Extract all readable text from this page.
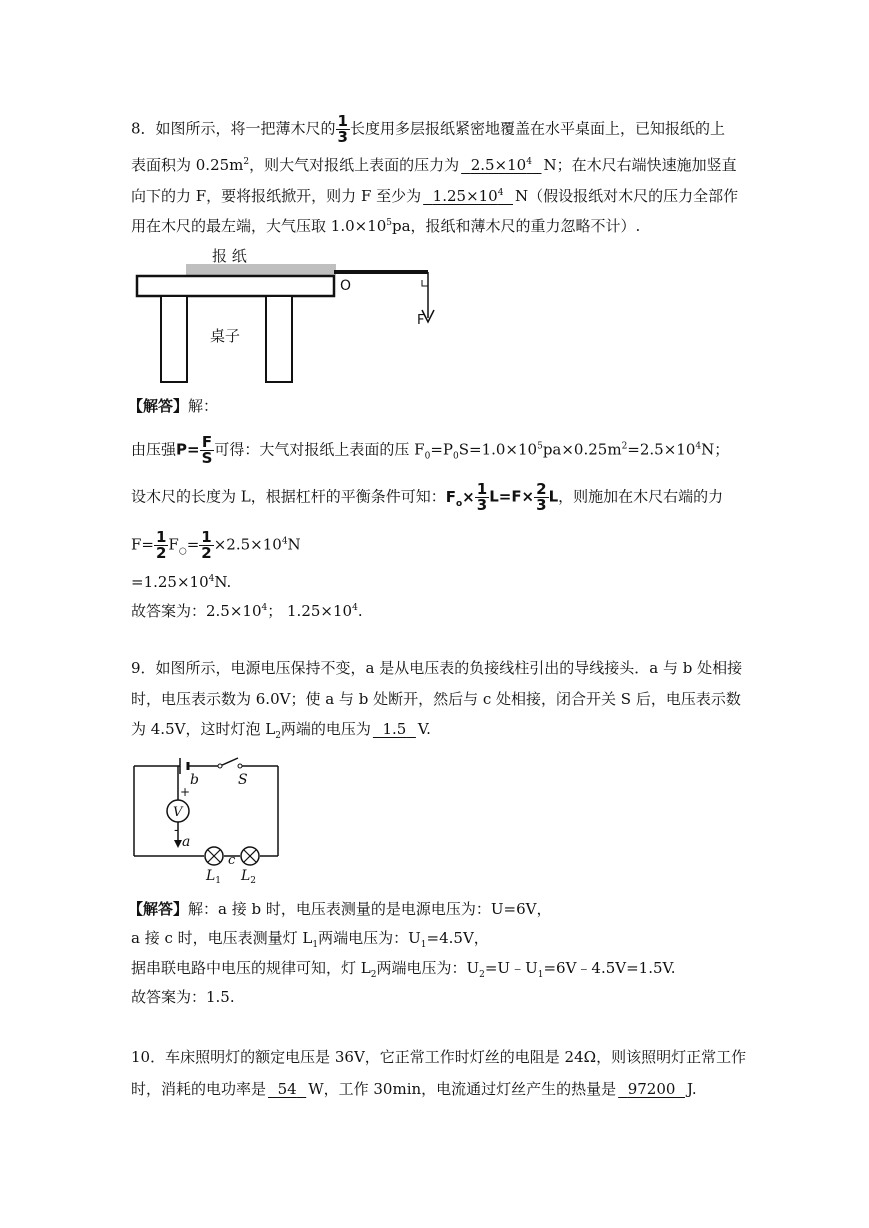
8．如图所示，将一把薄木尺的 $\frac{1}{3}$ 长度用多层报纸紧密地覆盖在水平桌面上，已知报纸的上
表面积为 $0.25m^2$，则大气对报纸上表面的压力为 $2.5\times 10^4$ N；在木尺右端快速施加竖直
向下的力 F，要将报纸掀开，则力 F 至少为 $1.25\times 10^4$ N（假设报纸对木尺的压力全部作
用在木尺的最左端，大气压取 $1.0\times 10^5pa$，报纸和薄木尺的重力忽略不计）.
报 纸
桌子
O
F
【解答】解：
由压强$P= \frac{F}{S}$ 可得：大气对报纸上表面的压 $F_0=P_0S=1.0\times 10^5pa\times 0.25m^2=2.5\times 10^4N$；
设木尺的长度为 L，根据杠杆的平衡条件可知：$F_o\times \frac{1}{3} L=F\times \frac{2}{3}$ L，则施加在木尺右端的力
$F= \frac{1}{2} F_○= \frac{1}{2} \times 2.5\times 10^4N$
$=1.25\times 10^4N$.
故答案为：$2.5\times 10^4$； $1.25\times 10^4$.
9．如图所示，电源电压保持不变，a 是从电压表的负接线柱引出的导线接头．a 与 b 处相接
时，电压表示数为 6.0V；使 a 与 b 处断开，然后与 c 处相接，闭合开关 S 后，电压表示数
为 4.5V，这时灯泡 $L_2$两端的电压为 1.5 V.
b	S
V
a
c
$L_1$ $L_2$
+
-
【解答】解：a 接 b 时，电压表测量的是电源电压为：U=6V，
a 接 c 时，电压表测量灯 $L_1$两端电压为：$U_1=4.5V$，
据串联电路中电压的规律可知，灯 $L_2$两端电压为：$U_2=U﹣U_1=6V﹣4.5V=1.5V$.
故答案为：1.5.
10．车床照明灯的额定电压是 36V，它正常工作时灯丝的电阻是 24Ω，则该照明灯正常工作
时，消耗的电功率是 54 W，工作 30min，电流通过灯丝产生的热量是 97200 J.
